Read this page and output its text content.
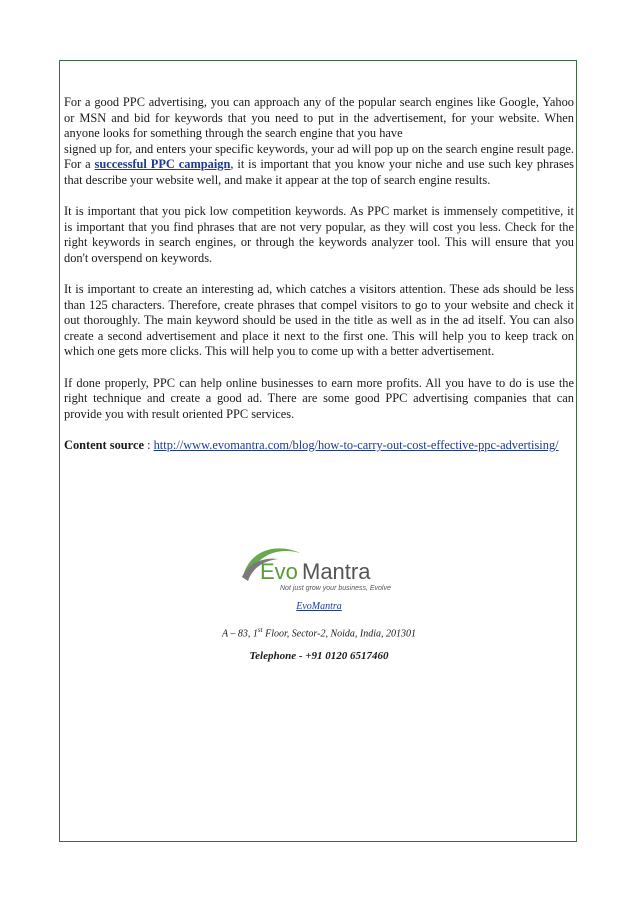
For a good PPC advertising, you can approach any of the popular search engines like Google, Yahoo or MSN and bid for keywords that you need to put in the advertisement, for your website. When anyone looks for something through the search engine that you have
signed up for, and enters your specific keywords, your ad will pop up on the search engine result page. For a successful PPC campaign, it is important that you know your niche and use such key phrases that describe your website well, and make it appear at the top of search engine results.

It is important that you pick low competition keywords. As PPC market is immensely competitive, it is important that you find phrases that are not very popular, as they will cost you less. Check for the right keywords in search engines, or through the keywords analyzer tool. This will ensure that you don't overspend on keywords.

It is important to create an interesting ad, which catches a visitors attention. These ads should be less than 125 characters. Therefore, create phrases that compel visitors to go to your website and check it out thoroughly. The main keyword should be used in the title as well as in the ad itself. You can also create a second advertisement and place it next to the first one. This will help you to keep track on which one gets more clicks. This will help you to come up with a better advertisement.

If done properly, PPC can help online businesses to earn more profits. All you have to do is use the right technique and create a good ad. There are some good PPC advertising companies that can provide you with result oriented PPC services.

Content source : http://www.evomantra.com/blog/how-to-carry-out-cost-effective-ppc-advertising/

Evo Mantra
Not just grow your business, Evolve
EvoMantra
A – 83, 1st Floor, Sector-2, Noida, India, 201301
Telephone - +91 0120 6517460
